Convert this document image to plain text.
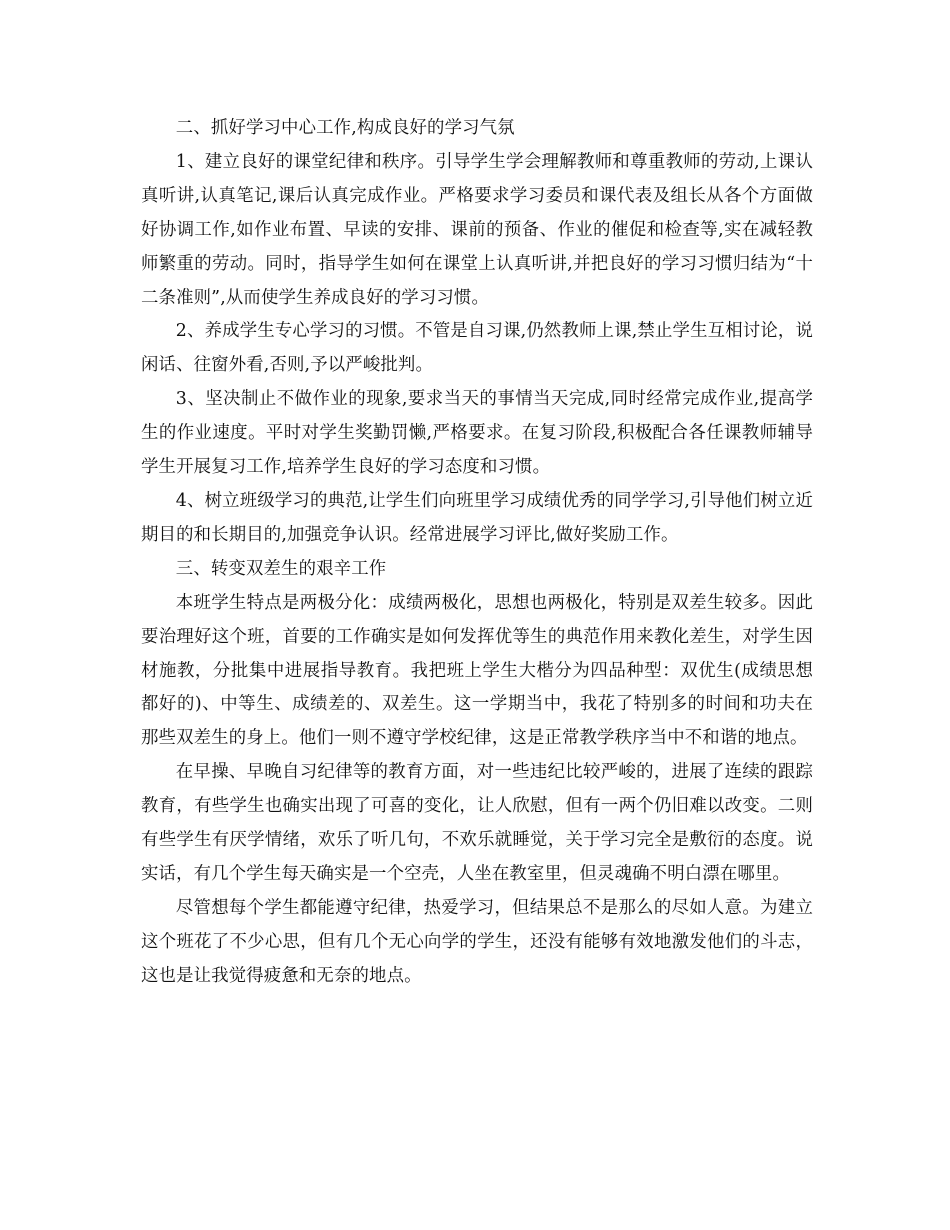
二、抓好学习中心工作,构成良好的学习气氛

1、建立良好的课堂纪律和秩序。引导学生学会理解教师和尊重教师的劳动,上课认真听讲,认真笔记,课后认真完成作业。严格要求学习委员和课代表及组长从各个方面做好协调工作,如作业布置、早读的安排、课前的预备、作业的催促和检查等,实在减轻教师繁重的劳动。同时，指导学生如何在课堂上认真听讲,并把良好的学习习惯归结为“十二条准则”,从而使学生养成良好的学习习惯。

2、养成学生专心学习的习惯。不管是自习课,仍然教师上课,禁止学生互相讨论，说闲话、往窗外看,否则,予以严峻批判。

3、坚决制止不做作业的现象,要求当天的事情当天完成,同时经常完成作业,提高学生的作业速度。平时对学生奖勤罚懒,严格要求。在复习阶段,积极配合各任课教师辅导学生开展复习工作,培养学生良好的学习态度和习惯。

4、树立班级学习的典范,让学生们向班里学习成绩优秀的同学学习,引导他们树立近期目的和长期目的,加强竞争认识。经常进展学习评比,做好奖励工作。

三、转变双差生的艰辛工作

本班学生特点是两极分化：成绩两极化，思想也两极化，特别是双差生较多。因此要治理好这个班，首要的工作确实是如何发挥优等生的典范作用来教化差生，对学生因材施教，分批集中进展指导教育。我把班上学生大楷分为四品种型：双优生(成绩思想都好的)、中等生、成绩差的、双差生。这一学期当中，我花了特别多的时间和功夫在那些双差生的身上。他们一则不遵守学校纪律，这是正常教学秩序当中不和谐的地点。

在早操、早晚自习纪律等的教育方面，对一些违纪比较严峻的，进展了连续的跟踪教育，有些学生也确实出现了可喜的变化，让人欣慰，但有一两个仍旧难以改变。二则有些学生有厌学情绪，欢乐了听几句，不欢乐就睡觉，关于学习完全是敷衍的态度。说实话，有几个学生每天确实是一个空壳，人坐在教室里，但灵魂确不明白漂在哪里。

尽管想每个学生都能遵守纪律，热爱学习，但结果总不是那么的尽如人意。为建立这个班花了不少心思，但有几个无心向学的学生，还没有能够有效地激发他们的斗志，这也是让我觉得疲惫和无奈的地点。
